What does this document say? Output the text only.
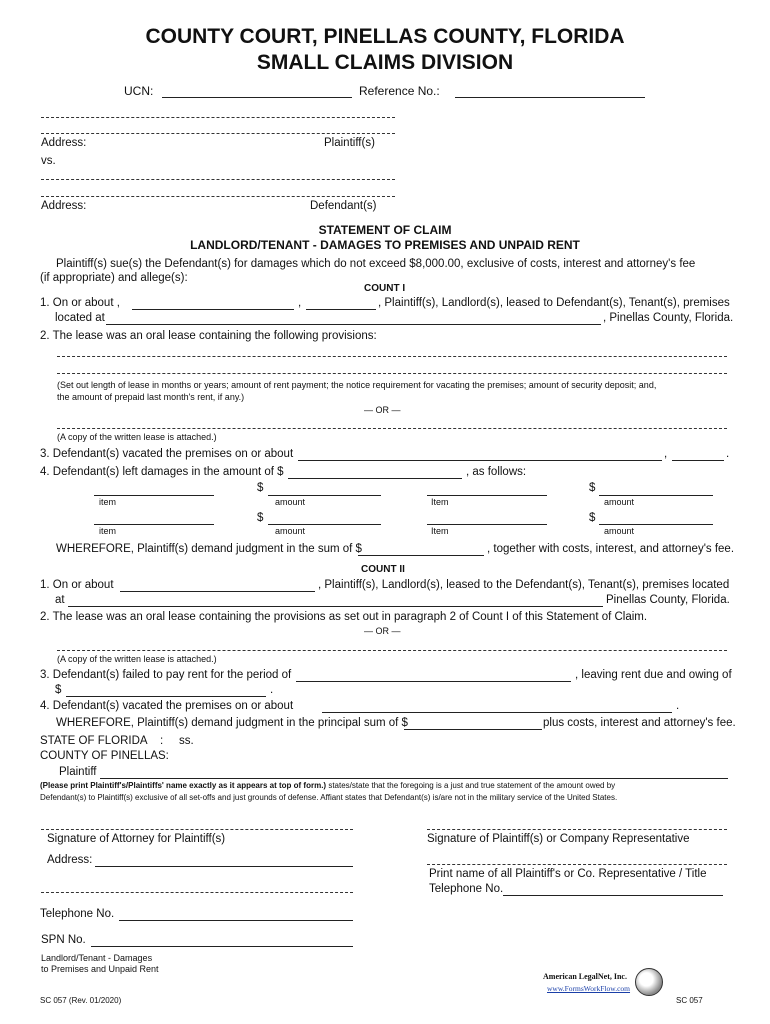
COUNTY COURT, PINELLAS COUNTY, FLORIDA
SMALL CLAIMS DIVISION
UCN:	Reference No.:
Address:	Plaintiff(s)
vs.
Address:	Defendant(s)
STATEMENT OF CLAIM
LANDLORD/TENANT - DAMAGES TO PREMISES AND UNPAID RENT
Plaintiff(s) sue(s) the Defendant(s) for damages which do not exceed $8,000.00, exclusive of costs, interest and attorney's fee
(if appropriate) and allege(s):
COUNT I
1. On or about ,	,	, Plaintiff(s), Landlord(s), leased to Defendant(s), Tenant(s), premises
located at	, Pinellas County, Florida.
2. The lease was an oral lease containing the following provisions:
(Set out length of lease in months or years; amount of rent payment; the notice requirement for vacating the premises; amount of security deposit; and,
the amount of prepaid last month's rent, if any.)
— OR —
(A copy of the written lease is attached.)
3. Defendant(s) vacated the premises on or about	,	.
4. Defendant(s) left damages in the amount of $	, as follows:
$	$
item	amount	Item	amount
$	$
item	amount	Item	amount
WHEREFORE, Plaintiff(s) demand judgment in the sum of $	, together with costs, interest, and attorney's fee.
COUNT II
1. On or about	, Plaintiff(s), Landlord(s), leased to the Defendant(s), Tenant(s), premises located
at	Pinellas County, Florida.
2. The lease was an oral lease containing the provisions as set out in paragraph 2 of Count I of this Statement of Claim.
— OR —
(A copy of the written lease is attached.)
3. Defendant(s) failed to pay rent for the period of	, leaving rent due and owing of
$	.
4. Defendant(s) vacated the premises on or about	.
WHEREFORE, Plaintiff(s) demand judgment in the principal sum of $	plus costs, interest and attorney's fee.
STATE OF FLORIDA : ss.
COUNTY OF PINELLAS:
Plaintiff
(Please print Plaintiff's/Plaintiffs' name exactly as it appears at top of form.) states/state that the foregoing is a just and true statement of the amount owed by
Defendant(s) to Plaintiff(s) exclusive of all set-offs and just grounds of defense. Affiant states that Defendant(s) is/are not in the military service of the United States.
Signature of Attorney for Plaintiff(s)	Signature of Plaintiff(s) or Company Representative
Address:
Print name of all Plaintiff's or Co. Representative / Title
Telephone No.
Telephone No.
SPN No.
Landlord/Tenant - Damages
to Premises and Unpaid Rent
American LegalNet, Inc.
www.FormsWorkFlow.com
SC 057 (Rev. 01/2020)	SC 057
